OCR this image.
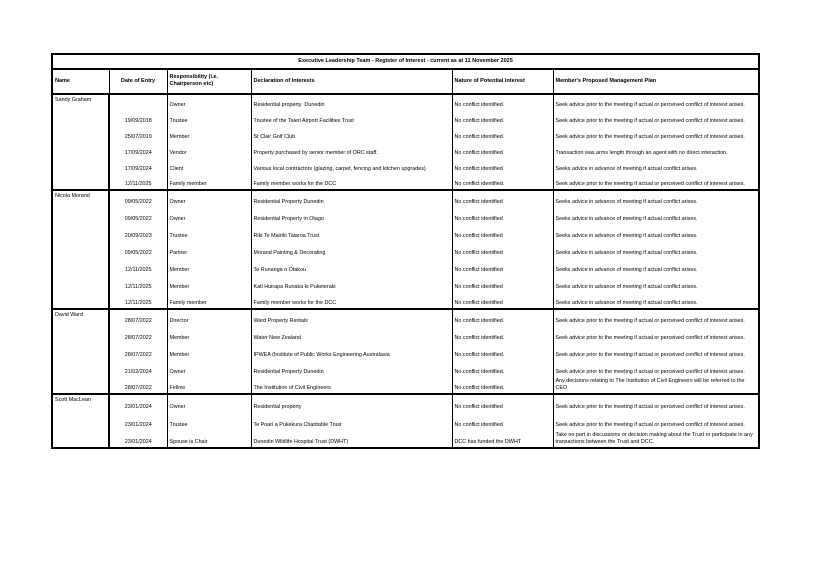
Executive Leadership Team - Register of Interest - current as at 11 November 2025					
Name	Date of Entry	Responsibility (i.e. Chairperson etc)	Declaration of Interests	Nature of Potential Interest	Member's Proposed Management Plan
Sandy Graham		Owner	Residential property  Dunedin	No conflict identified.	Seek advice prior to the meeting if actual or perceived conflict of interest arises.
	19/09/2018	Trustee	Trustee of the Taieri Airport Facilities Trust	No conflict identified.	Seek advice prior to the meeting if actual or perceived conflict of interest arises.
	25/07/2019	Member	St Clair Golf Club	No conflict identified.	Seek advice prior to the meeting if actual or perceived conflict of interest arises.
	17/09/2024	Vendor	Property purchased by senior member of ORC staff.	No conflict identified	Transaction was arms length through an agent with no direct interaction.
	17/09/2024	Client	Various local contractors (glazing, carpet, fencing and kitchen upgrades)	No conflict identified	Seeks advice in advance of meeting if actual conflict arises.
	12/11/2025	Family member	Family member works for the DCC	No conflict identified.	Seek advice prior to the meeting if actual or perceived conflict of interest arises.
Nicola Morand	09/05/2022	Owner	Residential Property Dunedin	No conflict identified	Seeks advice in advance of meeting if actual conflict arises.
	09/05/2022	Owner	Residential Property in Otago	No conflict identified	Seeks advice in advance of meeting if actual conflict arises.
	20/09/2023	Trustee	Riki Te Mairiki Taiaroa Trust	No conflict identified	Seeks advice in advance of meeting if actual conflict arises.
	09/05/2022	Partner	Morand Painting & Decorating	No conflict identified	Seeks advice in advance of meeting if actual conflict arises.
	12/11/2025	Member	Te Runanga o Otakou	No conflict identified	Seeks advice in advance of meeting if actual conflict arises.
	12/11/2025	Member	Kati Huirapa Runaka ki Puketeraki	No conflict identified	Seeks advice in advance of meeting if actual conflict arises.
	12/11/2025	Family member	Family member works for the DCC	No conflict identified	Seeks advice in advance of meeting if actual conflict arises.
David Ward	28/07/2022	Director	Ward Property Rentals	No conflict identified.	Seek advice prior to the meeting if actual or perceived conflict of interest arises.
	28/07/2022	Member	Water New Zealand	No conflict identified.	Seek advice prior to the meeting if actual or perceived conflict of interest arises.
	28/07/2022	Member	IPWEA (Institute of Public Works Engineering Australasia	No conflict identified.	Seek advice prior to the meeting if actual or perceived conflict of interest arises.
	21/02/2024	Owner	Residential Property Dunedin	No conflict identified.	Seek advice prior to the meeting if actual or perceived conflict of interest arises.
	28/07/2022	Fellow	The Institution of Civil Engineers	No conflict identified.	Any decisions relating to The Institution of Civil Engineers will be referred to the CEO
Scott MacLean	23/01/2024	Owner	Residential property	No conflict identified	Seek advice prior to the meeting if actual or perceived conflict of interest arises.
	23/01/2024	Trustee	Te Poari a Pukekura Charitable Trust	No conflict identified	Seek advice prior to the meeting if actual or perceived conflict of interest arises.
	23/01/2024	Spouse is Chair	Dunedin Wildlife Hospital Trust (DWHT)	DCC has funded the DWHT	Take no part in discussions or decision making about the Trust or participate in any transactions between the Trust and DCC.
